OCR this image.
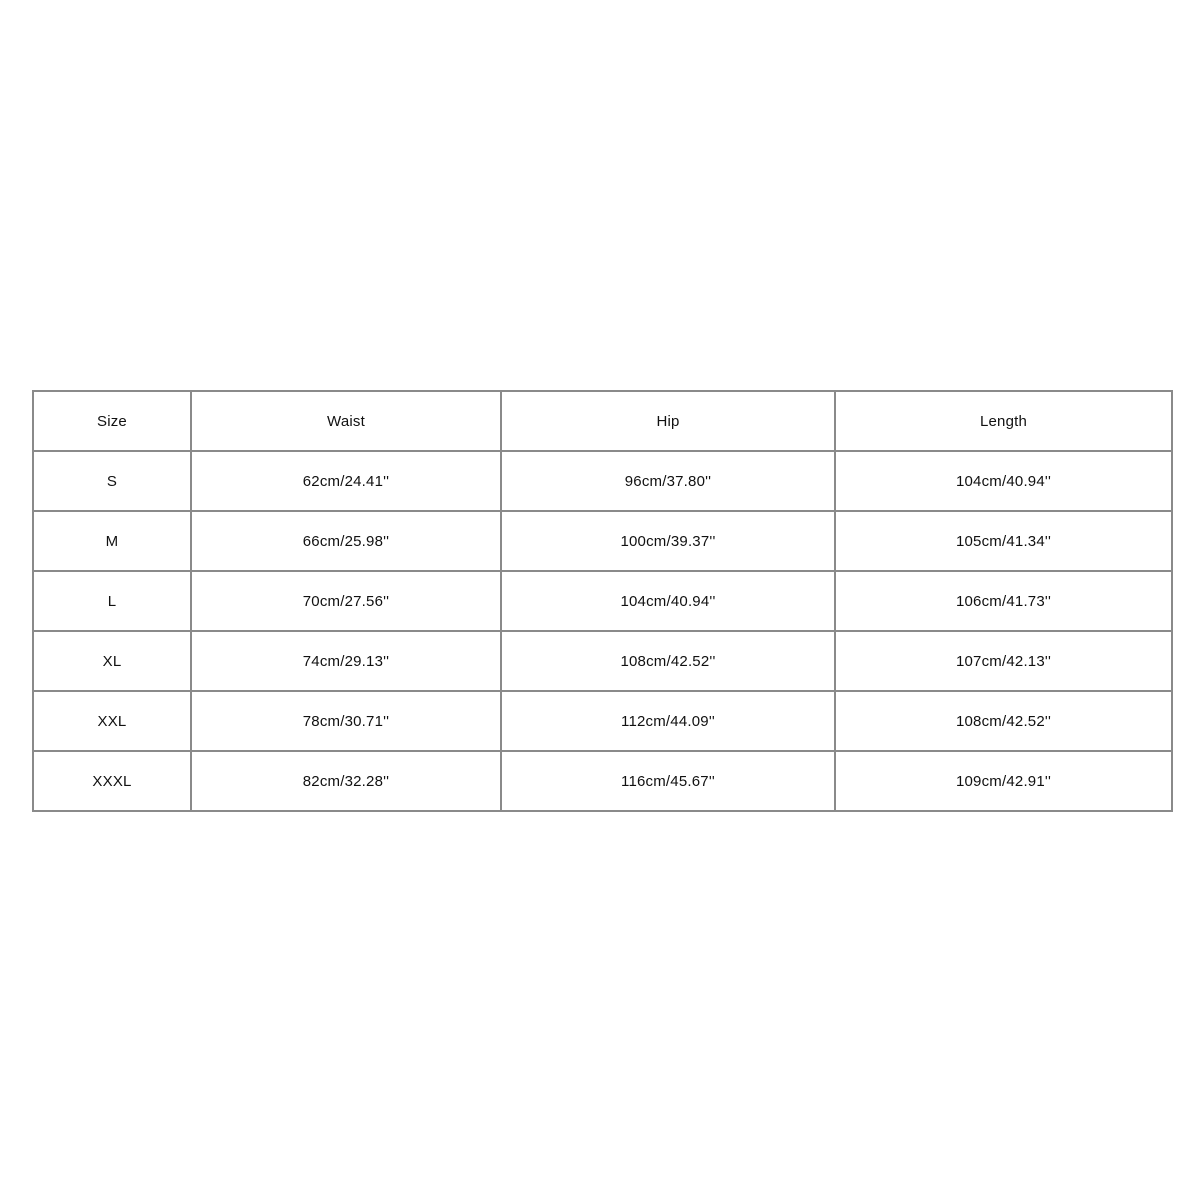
Size	Waist	Hip	Length
S	62cm/24.41''	96cm/37.80''	104cm/40.94''
M	66cm/25.98''	100cm/39.37''	105cm/41.34''
L	70cm/27.56''	104cm/40.94''	106cm/41.73''
XL	74cm/29.13''	108cm/42.52''	107cm/42.13''
XXL	78cm/30.71''	112cm/44.09''	108cm/42.52''
XXXL	82cm/32.28''	116cm/45.67''	109cm/42.91''
